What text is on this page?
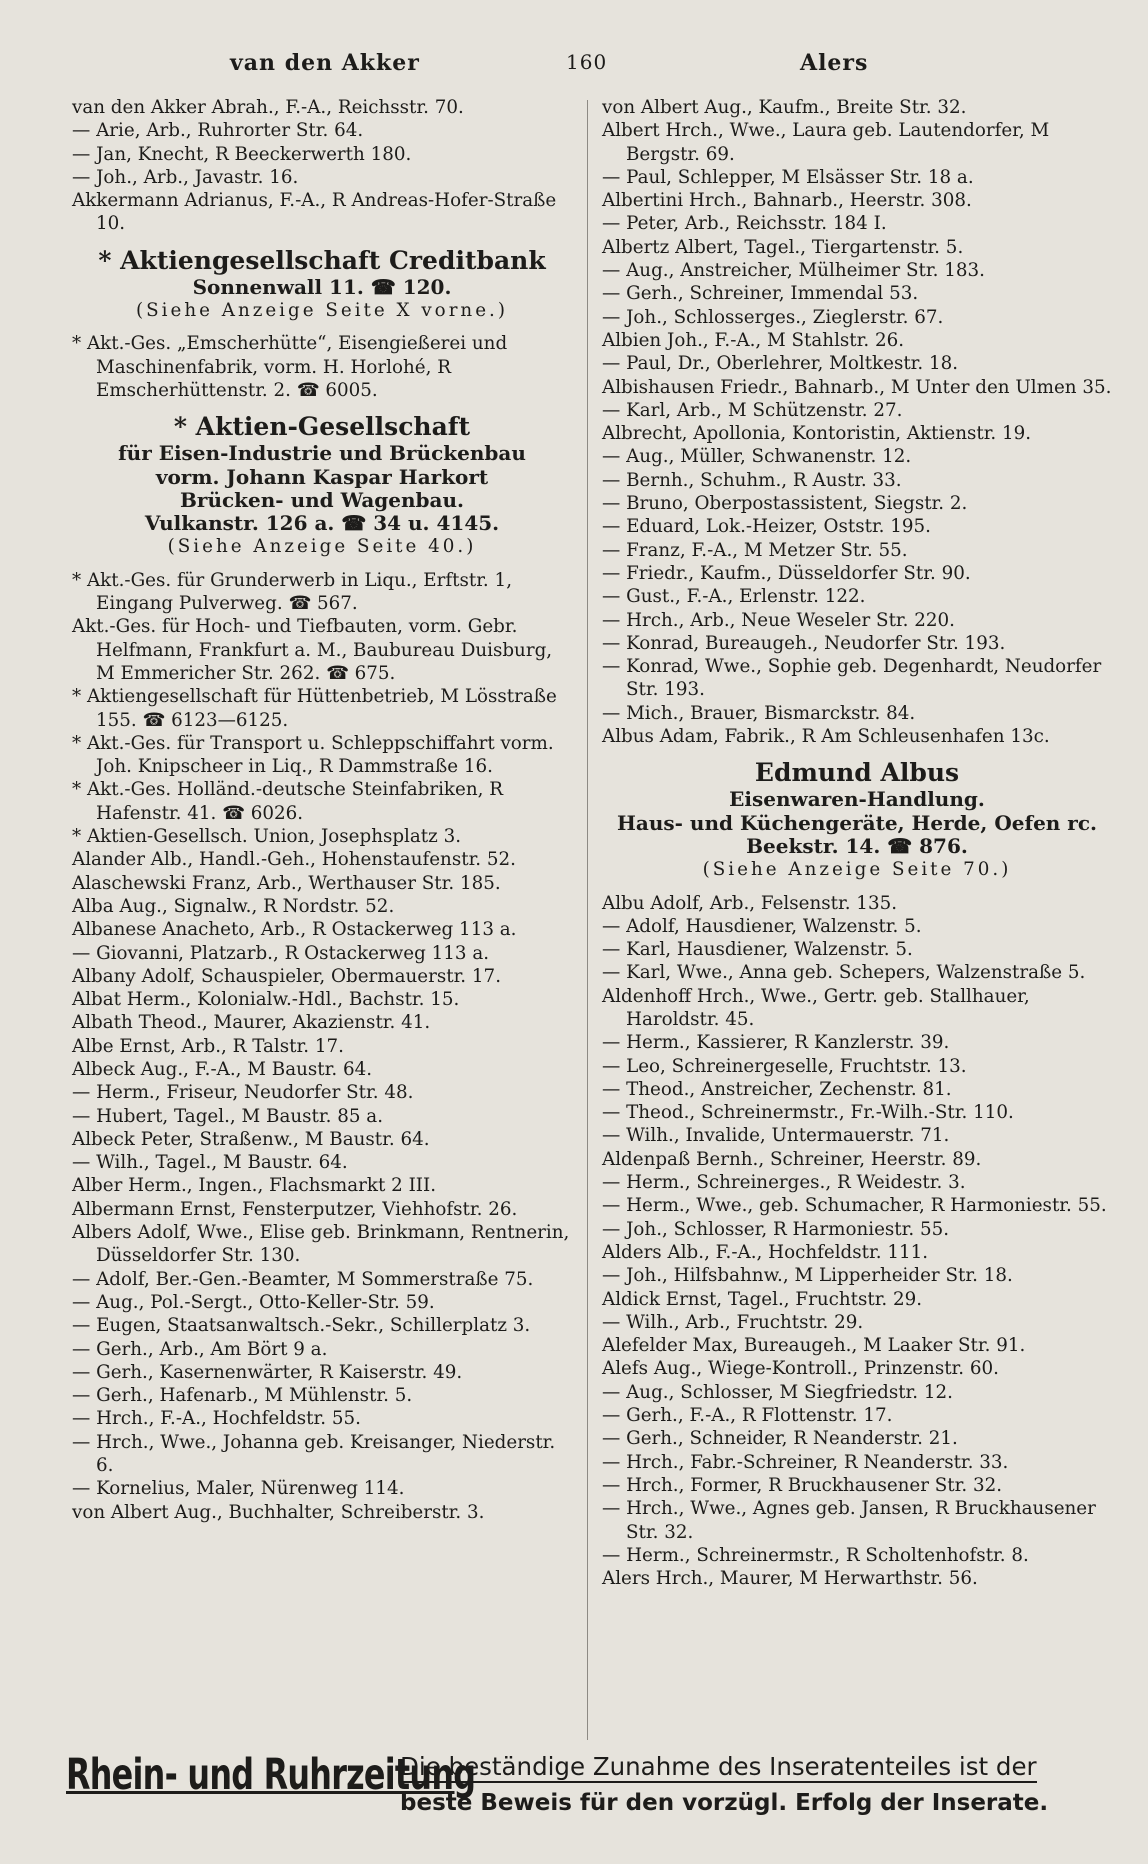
van den Akker	160	Alers

van den Akker Abrah., F.-A., Reichsstr. 70.

— Arie, Arb., Ruhrorter Str. 64.

— Jan, Knecht, R Beeckerwerth 180.

— Joh., Arb., Javastr. 16.

Akkermann Adrianus, F.-A., R Andreas-Hofer-Straße 10.

* Aktiengesellschaft Creditbank
Sonnenwall 11. ☎ 120.
(Siehe Anzeige Seite X vorne.)

* Akt.-Ges. „Emscherhütte“, Eisengießerei und Maschinenfabrik, vorm. H. Horlohé, R Emscherhüttenstr. 2. ☎ 6005.

* Aktien-Gesellschaft
für Eisen-Industrie und Brückenbau
vorm. Johann Kaspar Harkort
Brücken- und Wagenbau.
Vulkanstr. 126 a. ☎ 34 u. 4145.
(Siehe Anzeige Seite 40.)

* Akt.-Ges. für Grunderwerb in Liqu., Erftstr. 1, Eingang Pulverweg. ☎ 567.

Akt.-Ges. für Hoch- und Tiefbauten, vorm. Gebr. Helfmann, Frankfurt a. M., Baubureau Duisburg, M Emmericher Str. 262. ☎ 675.

* Aktiengesellschaft für Hüttenbetrieb, M Lösstraße 155. ☎ 6123—6125.

* Akt.-Ges. für Transport u. Schleppschiffahrt vorm. Joh. Knipscheer in Liq., R Dammstraße 16.

* Akt.-Ges. Holländ.-deutsche Steinfabriken, R Hafenstr. 41. ☎ 6026.

* Aktien-Gesellsch. Union, Josephsplatz 3.

Alander Alb., Handl.-Geh., Hohenstaufenstr. 52.

Alaschewski Franz, Arb., Werthauser Str. 185.

Alba Aug., Signalw., R Nordstr. 52.

Albanese Anacheto, Arb., R Ostackerweg 113 a.

— Giovanni, Platzarb., R Ostackerweg 113 a.

Albany Adolf, Schauspieler, Obermauerstr. 17.

Albat Herm., Kolonialw.-Hdl., Bachstr. 15.

Albath Theod., Maurer, Akazienstr. 41.

Albe Ernst, Arb., R Talstr. 17.

Albeck Aug., F.-A., M Baustr. 64.

— Herm., Friseur, Neudorfer Str. 48.

— Hubert, Tagel., M Baustr. 85 a.

Albeck Peter, Straßenw., M Baustr. 64.

— Wilh., Tagel., M Baustr. 64.

Alber Herm., Ingen., Flachsmarkt 2 III.

Albermann Ernst, Fensterputzer, Viehhofstr. 26.

Albers Adolf, Wwe., Elise geb. Brinkmann, Rentnerin, Düsseldorfer Str. 130.

— Adolf, Ber.-Gen.-Beamter, M Sommerstraße 75.

— Aug., Pol.-Sergt., Otto-Keller-Str. 59.

— Eugen, Staatsanwaltsch.-Sekr., Schillerplatz 3.

— Gerh., Arb., Am Bört 9 a.

— Gerh., Kasernenwärter, R Kaiserstr. 49.

— Gerh., Hafenarb., M Mühlenstr. 5.

— Hrch., F.-A., Hochfeldstr. 55.

— Hrch., Wwe., Johanna geb. Kreisanger, Niederstr. 6.

— Kornelius, Maler, Nürenweg 114.

von Albert Aug., Buchhalter, Schreiberstr. 3.

von Albert Aug., Kaufm., Breite Str. 32.

Albert Hrch., Wwe., Laura geb. Lautendorfer, M Bergstr. 69.

— Paul, Schlepper, M Elsässer Str. 18 a.

Albertini Hrch., Bahnarb., Heerstr. 308.

— Peter, Arb., Reichsstr. 184 I.

Albertz Albert, Tagel., Tiergartenstr. 5.

— Aug., Anstreicher, Mülheimer Str. 183.

— Gerh., Schreiner, Immendal 53.

— Joh., Schlosserges., Zieglerstr. 67.

Albien Joh., F.-A., M Stahlstr. 26.

— Paul, Dr., Oberlehrer, Moltkestr. 18.

Albishausen Friedr., Bahnarb., M Unter den Ulmen 35.

— Karl, Arb., M Schützenstr. 27.

Albrecht, Apollonia, Kontoristin, Aktienstr. 19.

— Aug., Müller, Schwanenstr. 12.

— Bernh., Schuhm., R Austr. 33.

— Bruno, Oberpostassistent, Siegstr. 2.

— Eduard, Lok.-Heizer, Oststr. 195.

— Franz, F.-A., M Metzer Str. 55.

— Friedr., Kaufm., Düsseldorfer Str. 90.

— Gust., F.-A., Erlenstr. 122.

— Hrch., Arb., Neue Weseler Str. 220.

— Konrad, Bureaugeh., Neudorfer Str. 193.

— Konrad, Wwe., Sophie geb. Degenhardt, Neudorfer Str. 193.

— Mich., Brauer, Bismarckstr. 84.

Albus Adam, Fabrik., R Am Schleusenhafen 13c.

Edmund Albus
Eisenwaren-Handlung.
Haus- und Küchengeräte, Herde, Oefen rc.
Beekstr. 14. ☎ 876.
(Siehe Anzeige Seite 70.)

Albu Adolf, Arb., Felsenstr. 135.

— Adolf, Hausdiener, Walzenstr. 5.

— Karl, Hausdiener, Walzenstr. 5.

— Karl, Wwe., Anna geb. Schepers, Walzenstraße 5.

Aldenhoff Hrch., Wwe., Gertr. geb. Stallhauer, Haroldstr. 45.

— Herm., Kassierer, R Kanzlerstr. 39.

— Leo, Schreinergeselle, Fruchtstr. 13.

— Theod., Anstreicher, Zechenstr. 81.

— Theod., Schreinermstr., Fr.-Wilh.-Str. 110.

— Wilh., Invalide, Untermauerstr. 71.

Aldenpaß Bernh., Schreiner, Heerstr. 89.

— Herm., Schreinerges., R Weidestr. 3.

— Herm., Wwe., geb. Schumacher, R Harmoniestr. 55.

— Joh., Schlosser, R Harmoniestr. 55.

Alders Alb., F.-A., Hochfeldstr. 111.

— Joh., Hilfsbahnw., M Lipperheider Str. 18.

Aldick Ernst, Tagel., Fruchtstr. 29.

— Wilh., Arb., Fruchtstr. 29.

Alefelder Max, Bureaugeh., M Laaker Str. 91.

Alefs Aug., Wiege-Kontroll., Prinzenstr. 60.

— Aug., Schlosser, M Siegfriedstr. 12.

— Gerh., F.-A., R Flottenstr. 17.

— Gerh., Schneider, R Neanderstr. 21.

— Hrch., Fabr.-Schreiner, R Neanderstr. 33.

— Hrch., Former, R Bruckhausener Str. 32.

— Hrch., Wwe., Agnes geb. Jansen, R Bruckhausener Str. 32.

— Herm., Schreinermstr., R Scholtenhofstr. 8.

Alers Hrch., Maurer, M Herwarthstr. 56.

Rhein- und Ruhrzeitung
Die beständige Zunahme des Inseratenteiles ist der
beste Beweis für den vorzügl. Erfolg der Inserate.
